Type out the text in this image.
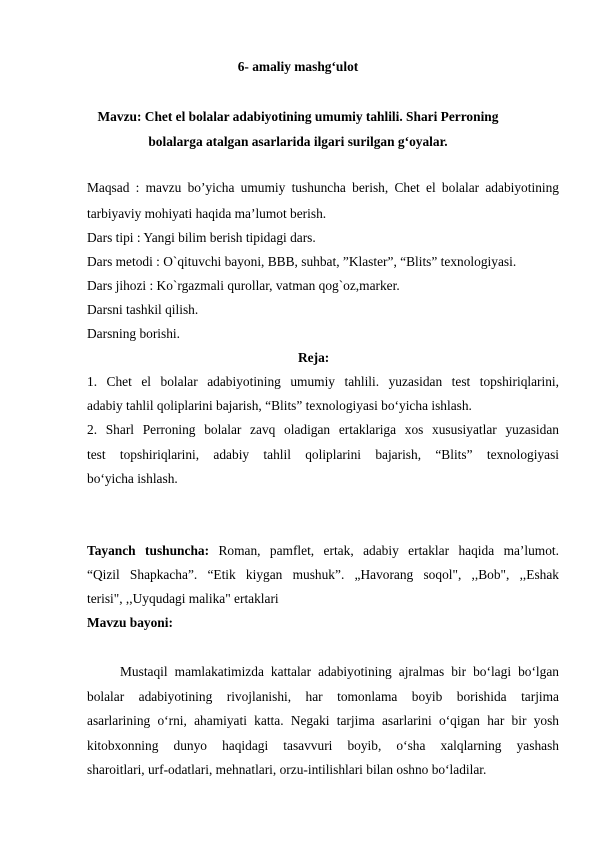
6- amaliy mashg‘ulot
Mavzu: Chet el bolalar adabiyotining umumiy tahlili. Shari Perroning
bolalarga atalgan asarlarida ilgari surilgan g‘oyalar.
Maqsad : mavzu bo’yicha umumiy tushuncha berish, Chet el bolalar adabiyotining
tarbiyaviy mohiyati haqida ma’lumot berish.
Dars tipi : Yangi bilim berish tipidagi dars.
Dars metodi : O`qituvchi bayoni, BBB, suhbat, ”Klaster”, “Blits” texnologiyasi.
Dars jihozi : Ko`rgazmali qurollar, vatman qog`oz,marker.
Darsni tashkil qilish.
Darsning borishi.
Reja:
1. Chet el bolalar adabiyotining umumiy tahlili. yuzasidan test topshiriqlarini,
adabiy tahlil qoliplarini bajarish, “Blits” texnologiyasi bo‘yicha ishlash.
2. Sharl Perroning bolalar zavq oladigan ertaklariga xos xususiyatlar yuzasidan
test topshiriqlarini, adabiy tahlil qoliplarini bajarish, “Blits” texnologiyasi
bo‘yicha ishlash.
Tayanch tushuncha: Roman, pamflet, ertak, adabiy ertaklar haqida ma’lumot.
“Qizil Shapkacha”. “Etik kiygan mushuk”. „Havorang soqol", ,,Bob", ,,Eshak
terisi", ,,Uyqudagi malika" ertaklari
Mavzu bayoni:
Mustaqil mamlakatimizda kattalar adabiyotining ajralmas bir bo‘lagi bo‘lgan
bolalar adabiyotining rivojlanishi, har tomonlama boyib borishida tarjima
asarlarining o‘rni, ahamiyati katta. Negaki tarjima asarlarini o‘qigan har bir yosh
kitobxonning dunyo haqidagi tasavvuri boyib, o‘sha xalqlarning yashash
sharoitlari, urf-odatlari, mehnatlari, orzu-intilishlari bilan oshno bo‘ladilar.
